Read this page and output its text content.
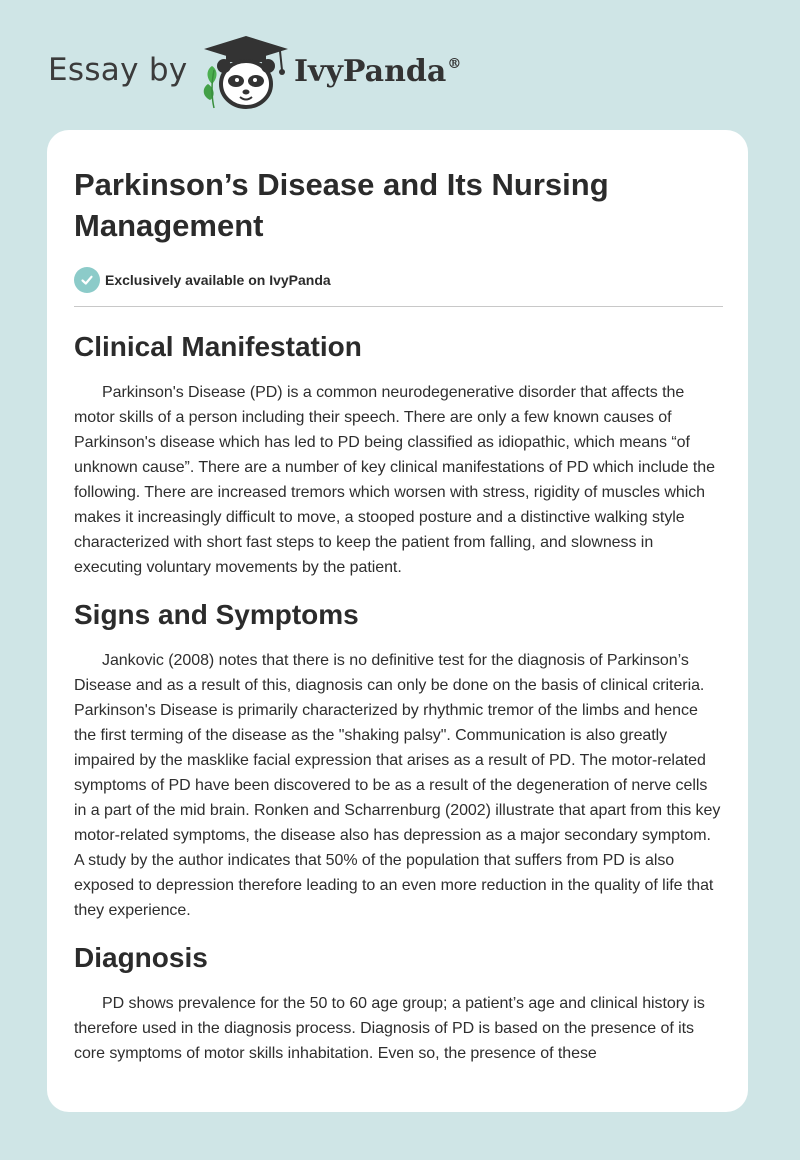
Essay by	IvyPanda®
Parkinson’s Disease and Its Nursing Management
Exclusively available on IvyPanda
Clinical Manifestation

Parkinson's Disease (PD) is a common neurodegenerative disorder that affects the motor skills of a person including their speech. There are only a few known causes of Parkinson's disease which has led to PD being classified as idiopathic, which means “of unknown cause”. There are a number of key clinical manifestations of PD which include the following. There are increased tremors which worsen with stress, rigidity of muscles which makes it increasingly difficult to move, a stooped posture and a distinctive walking style characterized with short fast steps to keep the patient from falling, and slowness in executing voluntary movements by the patient.

Signs and Symptoms

Jankovic (2008) notes that there is no definitive test for the diagnosis of Parkinson’s Disease and as a result of this, diagnosis can only be done on the basis of clinical criteria. Parkinson's Disease is primarily characterized by rhythmic tremor of the limbs and hence the first terming of the disease as the "shaking palsy". Communication is also greatly impaired by the masklike facial expression that arises as a result of PD. The motor-related symptoms of PD have been discovered to be as a result of the degeneration of nerve cells in a part of the mid brain. Ronken and Scharrenburg (2002) illustrate that apart from this key motor-related symptoms, the disease also has depression as a major secondary symptom. A study by the author indicates that 50% of the population that suffers from PD is also exposed to depression therefore leading to an even more reduction in the quality of life that they experience.

Diagnosis

PD shows prevalence for the 50 to 60 age group; a patient’s age and clinical history is therefore used in the diagnosis process. Diagnosis of PD is based on the presence of its core symptoms of motor skills inhabitation. Even so, the presence of these
